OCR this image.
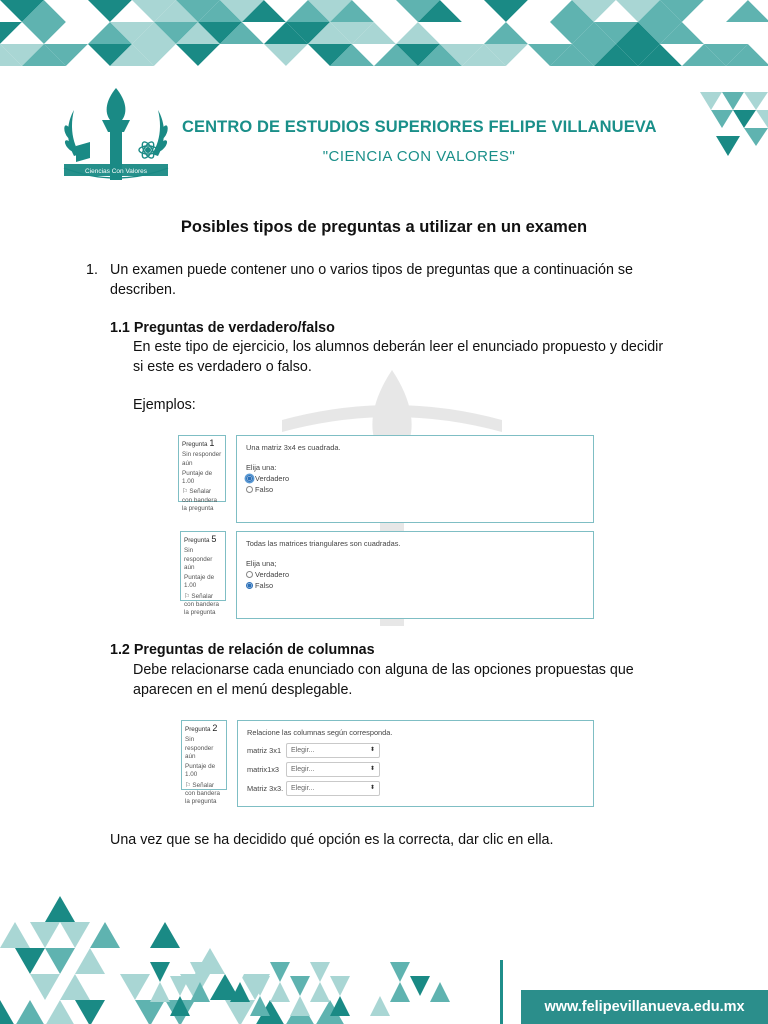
Ciencias Con Valores
CENTRO DE ESTUDIOS SUPERIORES FELIPE VILLANUEVA
"CIENCIA CON VALORES"
Posibles tipos de preguntas a utilizar en un examen
1. Un examen puede contener uno o varios tipos de preguntas que a continuación se describen.
1.1 Preguntas de verdadero/falso
En este tipo de ejercicio, los alumnos deberán leer el enunciado propuesto y decidir si este es verdadero o falso.
Ejemplos:
Pregunta 1
Sin responder aún
Puntaje de 1.00
⚐ Señalar con bandera la pregunta
Una matriz 3x4 es cuadrada.
Elija una:
Verdadero
Falso
Pregunta 5
Sin responder aún
Puntaje de 1.00
⚐ Señalar con bandera la pregunta
Todas las matrices triangulares son cuadradas.
Elija una;
Verdadero
Falso
1.2 Preguntas de relación de columnas
Debe relacionarse cada enunciado con alguna de las opciones propuestas que aparecen en el menú desplegable.
Pregunta 2
Sin responder aún
Puntaje de 1.00
⚐ Señalar con bandera la pregunta
Relacione las columnas según corresponda.
matriz 3x1	Elegir...	⬍
matrix1x3	Elegir...	⬍
Matriz 3x3.	Elegir...	⬍
Una vez que se ha decidido qué opción es la correcta, dar clic en ella.
www.felipevillanueva.edu.mx
